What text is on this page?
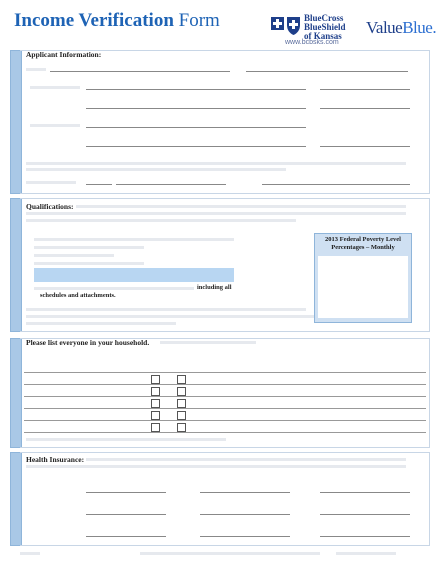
Income Verification Form	BlueCross
BlueShield
of Kansas
www.bcbsks.com
ValueBlue.
Applicant Information:
Qualifications:
including all
schedules and attachments.
2013 Federal Poverty Level
Percentages – Monthly
Please list everyone in your household.
Health Insurance:
